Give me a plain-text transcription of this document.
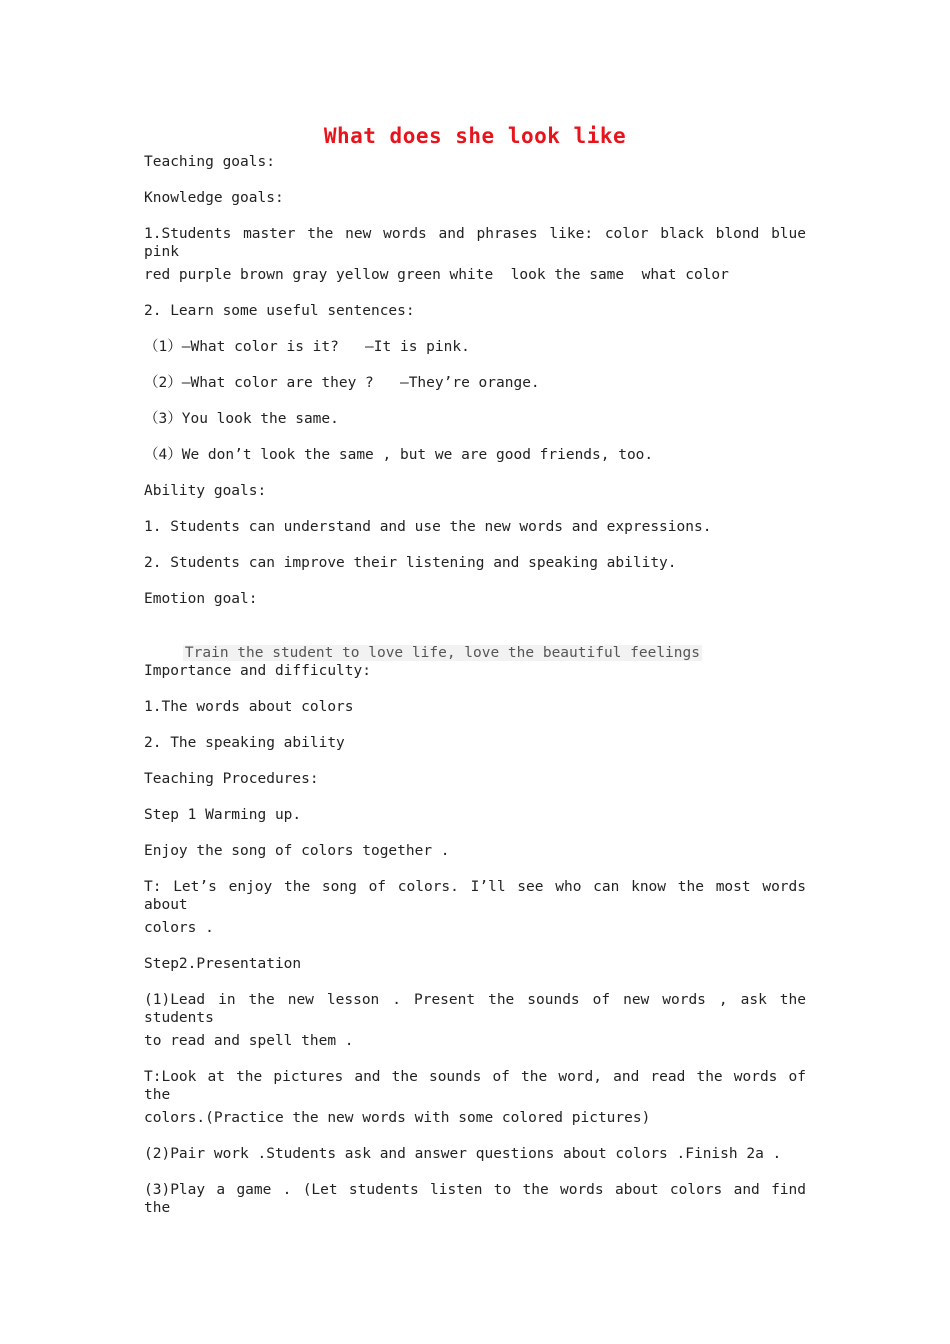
What does she look like
Teaching goals:
Knowledge goals:
1.Students master the new words and phrases like: color black blond blue pink
red purple brown gray yellow green white  look the same  what color
2. Learn some useful sentences:
（1）—What color is it?   —It is pink.
（2）—What color are they ?   —They’re orange.
（3）You look the same.
（4）We don’t look the same , but we are good friends, too.
Ability goals:
1. Students can understand and use the new words and expressions.
2. Students can improve their listening and speaking ability.
Emotion goal:

Train the student to love life, love the beautiful feelings

Importance and difficulty:
1.The words about colors
2. The speaking ability
Teaching Procedures:
Step 1 Warming up.
Enjoy the song of colors together .
T: Let’s enjoy the song of colors. I’ll see who can know the most words about
colors .
Step2.Presentation
(1)Lead in the new lesson . Present the sounds of new words , ask the students
to read and spell them .
T:Look at the pictures and the sounds of the word, and read the words of the
colors.(Practice the new words with some colored pictures)
(2)Pair work .Students ask and answer questions about colors .Finish 2a .
(3)Play a game . (Let students listen to the words about colors and find the
